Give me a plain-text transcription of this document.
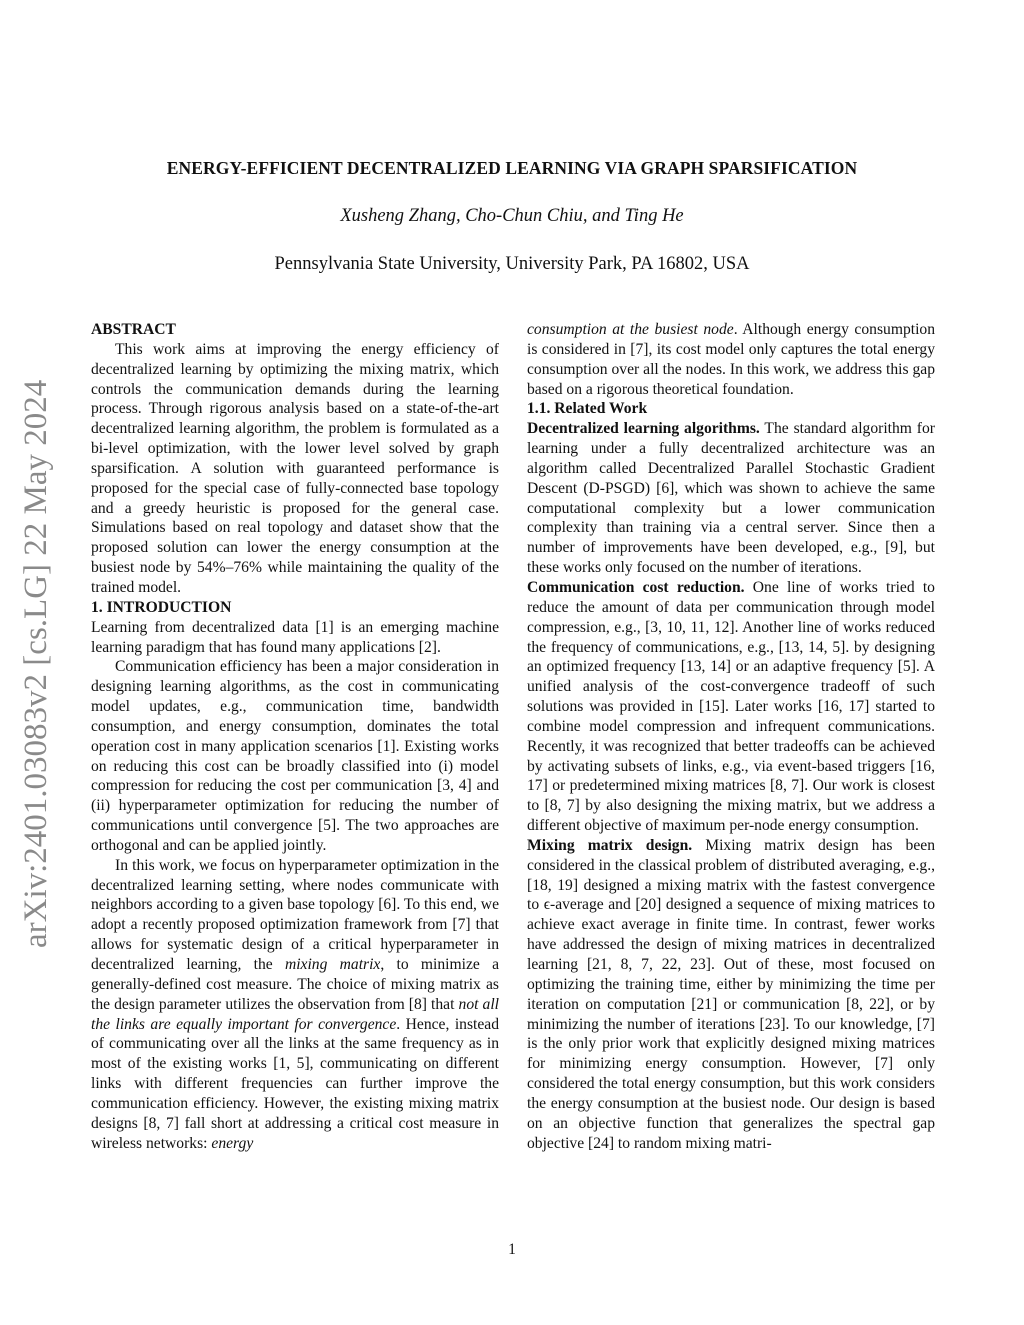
arXiv:2401.03083v2 [cs.LG] 22 May 2024
ENERGY-EFFICIENT DECENTRALIZED LEARNING VIA GRAPH SPARSIFICATION
Xusheng Zhang, Cho-Chun Chiu, and Ting He
Pennsylvania State University, University Park, PA 16802, USA

ABSTRACT

This work aims at improving the energy efficiency of decentralized learning by optimizing the mixing matrix, which controls the communication demands during the learning process. Through rigorous analysis based on a state-of-the-art decentralized learning algorithm, the problem is formulated as a bi-level optimization, with the lower level solved by graph sparsification. A solution with guaranteed performance is proposed for the special case of fully-connected base topology and a greedy heuristic is proposed for the general case. Simulations based on real topology and dataset show that the proposed solution can lower the energy consumption at the busiest node by 54%–76% while maintaining the quality of the trained model.

1. INTRODUCTION

Learning from decentralized data [1] is an emerging machine learning paradigm that has found many applications [2].

Communication efficiency has been a major consideration in designing learning algorithms, as the cost in communicating model updates, e.g., communication time, bandwidth consumption, and energy consumption, dominates the total operation cost in many application scenarios [1]. Existing works on reducing this cost can be broadly classified into (i) model compression for reducing the cost per communication [3, 4] and (ii) hyperparameter optimization for reducing the number of communications until convergence [5]. The two approaches are orthogonal and can be applied jointly.

In this work, we focus on hyperparameter optimization in the decentralized learning setting, where nodes communicate with neighbors according to a given base topology [6]. To this end, we adopt a recently proposed optimization framework from [7] that allows for systematic design of a critical hyperparameter in decentralized learning, the mixing matrix, to minimize a generally-defined cost measure. The choice of mixing matrix as the design parameter utilizes the observation from [8] that not all the links are equally important for convergence. Hence, instead of communicating over all the links at the same frequency as in most of the existing works [1, 5], communicating on different links with different frequencies can further improve the communication efficiency. However, the existing mixing matrix designs [8, 7] fall short at addressing a critical cost measure in wireless networks: energy

consumption at the busiest node. Although energy consumption is considered in [7], its cost model only captures the total energy consumption over all the nodes. In this work, we address this gap based on a rigorous theoretical foundation.

1.1. Related Work

Decentralized learning algorithms. The standard algorithm for learning under a fully decentralized architecture was an algorithm called Decentralized Parallel Stochastic Gradient Descent (D-PSGD) [6], which was shown to achieve the same computational complexity but a lower communication complexity than training via a central server. Since then a number of improvements have been developed, e.g., [9], but these works only focused on the number of iterations.

Communication cost reduction. One line of works tried to reduce the amount of data per communication through model compression, e.g., [3, 10, 11, 12]. Another line of works reduced the frequency of communications, e.g., [13, 14, 5]. by designing an optimized frequency [13, 14] or an adaptive frequency [5]. A unified analysis of the cost-convergence tradeoff of such solutions was provided in [15]. Later works [16, 17] started to combine model compression and infrequent communications. Recently, it was recognized that better tradeoffs can be achieved by activating subsets of links, e.g., via event-based triggers [16, 17] or predetermined mixing matrices [8, 7]. Our work is closest to [8, 7] by also designing the mixing matrix, but we address a different objective of maximum per-node energy consumption.

Mixing matrix design. Mixing matrix design has been considered in the classical problem of distributed averaging, e.g., [18, 19] designed a mixing matrix with the fastest convergence to ϵ-average and [20] designed a sequence of mixing matrices to achieve exact average in finite time. In contrast, fewer works have addressed the design of mixing matrices in decentralized learning [21, 8, 7, 22, 23]. Out of these, most focused on optimizing the training time, either by minimizing the time per iteration on computation [21] or communication [8, 22], or by minimizing the number of iterations [23]. To our knowledge, [7] is the only prior work that explicitly designed mixing matrices for minimizing energy consumption. However, [7] only considered the total energy consumption, but this work considers the energy consumption at the busiest node. Our design is based on an objective function that generalizes the spectral gap objective [24] to random mixing matri-

1
